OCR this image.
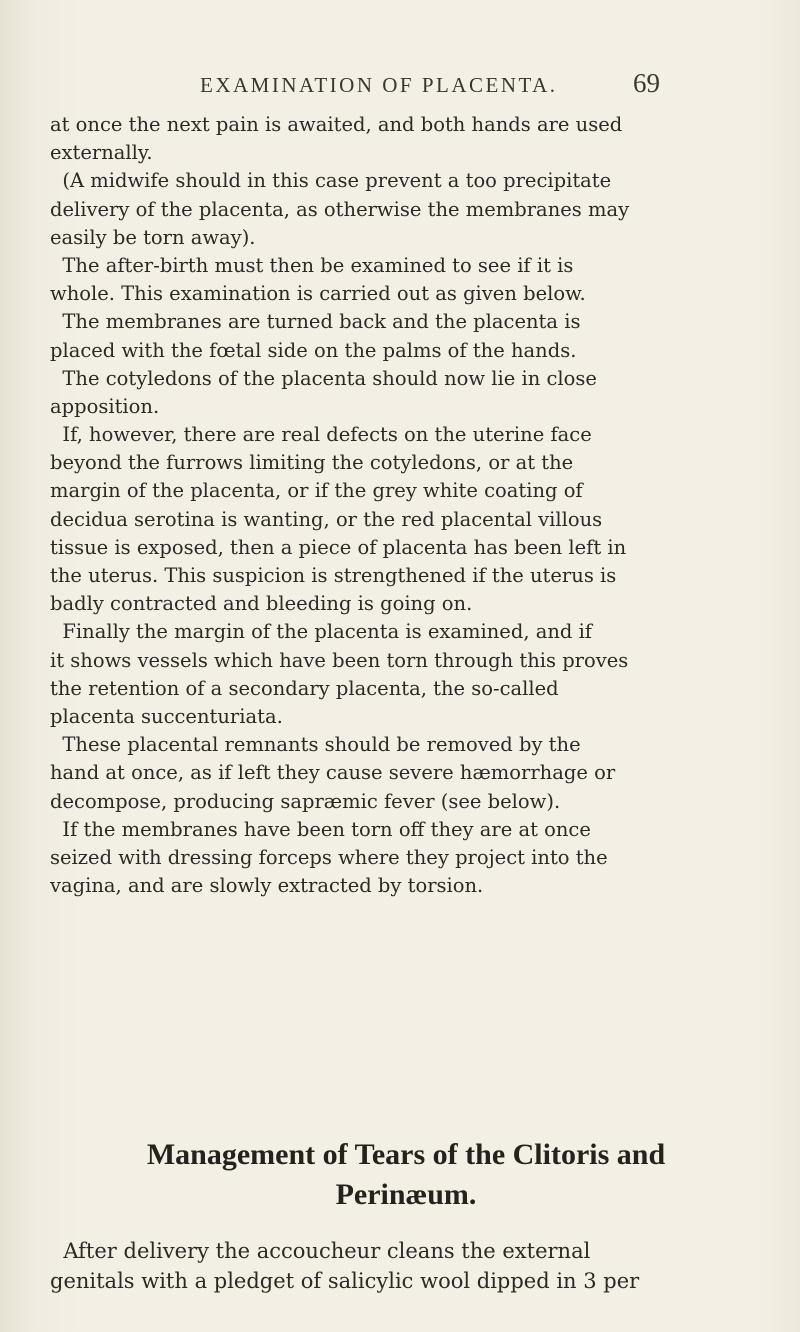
EXAMINATION OF PLACENTA.	69
at once the next pain is awaited, and both hands are used
externally.
(A midwife should in this case prevent a too precipitate
delivery of the placenta, as otherwise the membranes may
easily be torn away).
The after-birth must then be examined to see if it is
whole. This examination is carried out as given below.
The membranes are turned back and the placenta is
placed with the fœtal side on the palms of the hands.
The cotyledons of the placenta should now lie in close
apposition.
If, however, there are real defects on the uterine face
beyond the furrows limiting the cotyledons, or at the
margin of the placenta, or if the grey white coating of
decidua serotina is wanting, or the red placental villous
tissue is exposed, then a piece of placenta has been left in
the uterus. This suspicion is strengthened if the uterus is
badly contracted and bleeding is going on.
Finally the margin of the placenta is examined, and if
it shows vessels which have been torn through this proves
the retention of a secondary placenta, the so-called
placenta succenturiata.
These placental remnants should be removed by the
hand at once, as if left they cause severe hæmorrhage or
decompose, producing sapræmic fever (see below).
If the membranes have been torn off they are at once
seized with dressing forceps where they project into the
vagina, and are slowly extracted by torsion.
Management of Tears of the Clitoris and
Perinæum.
After delivery the accoucheur cleans the external
genitals with a pledget of salicylic wool dipped in 3 per
